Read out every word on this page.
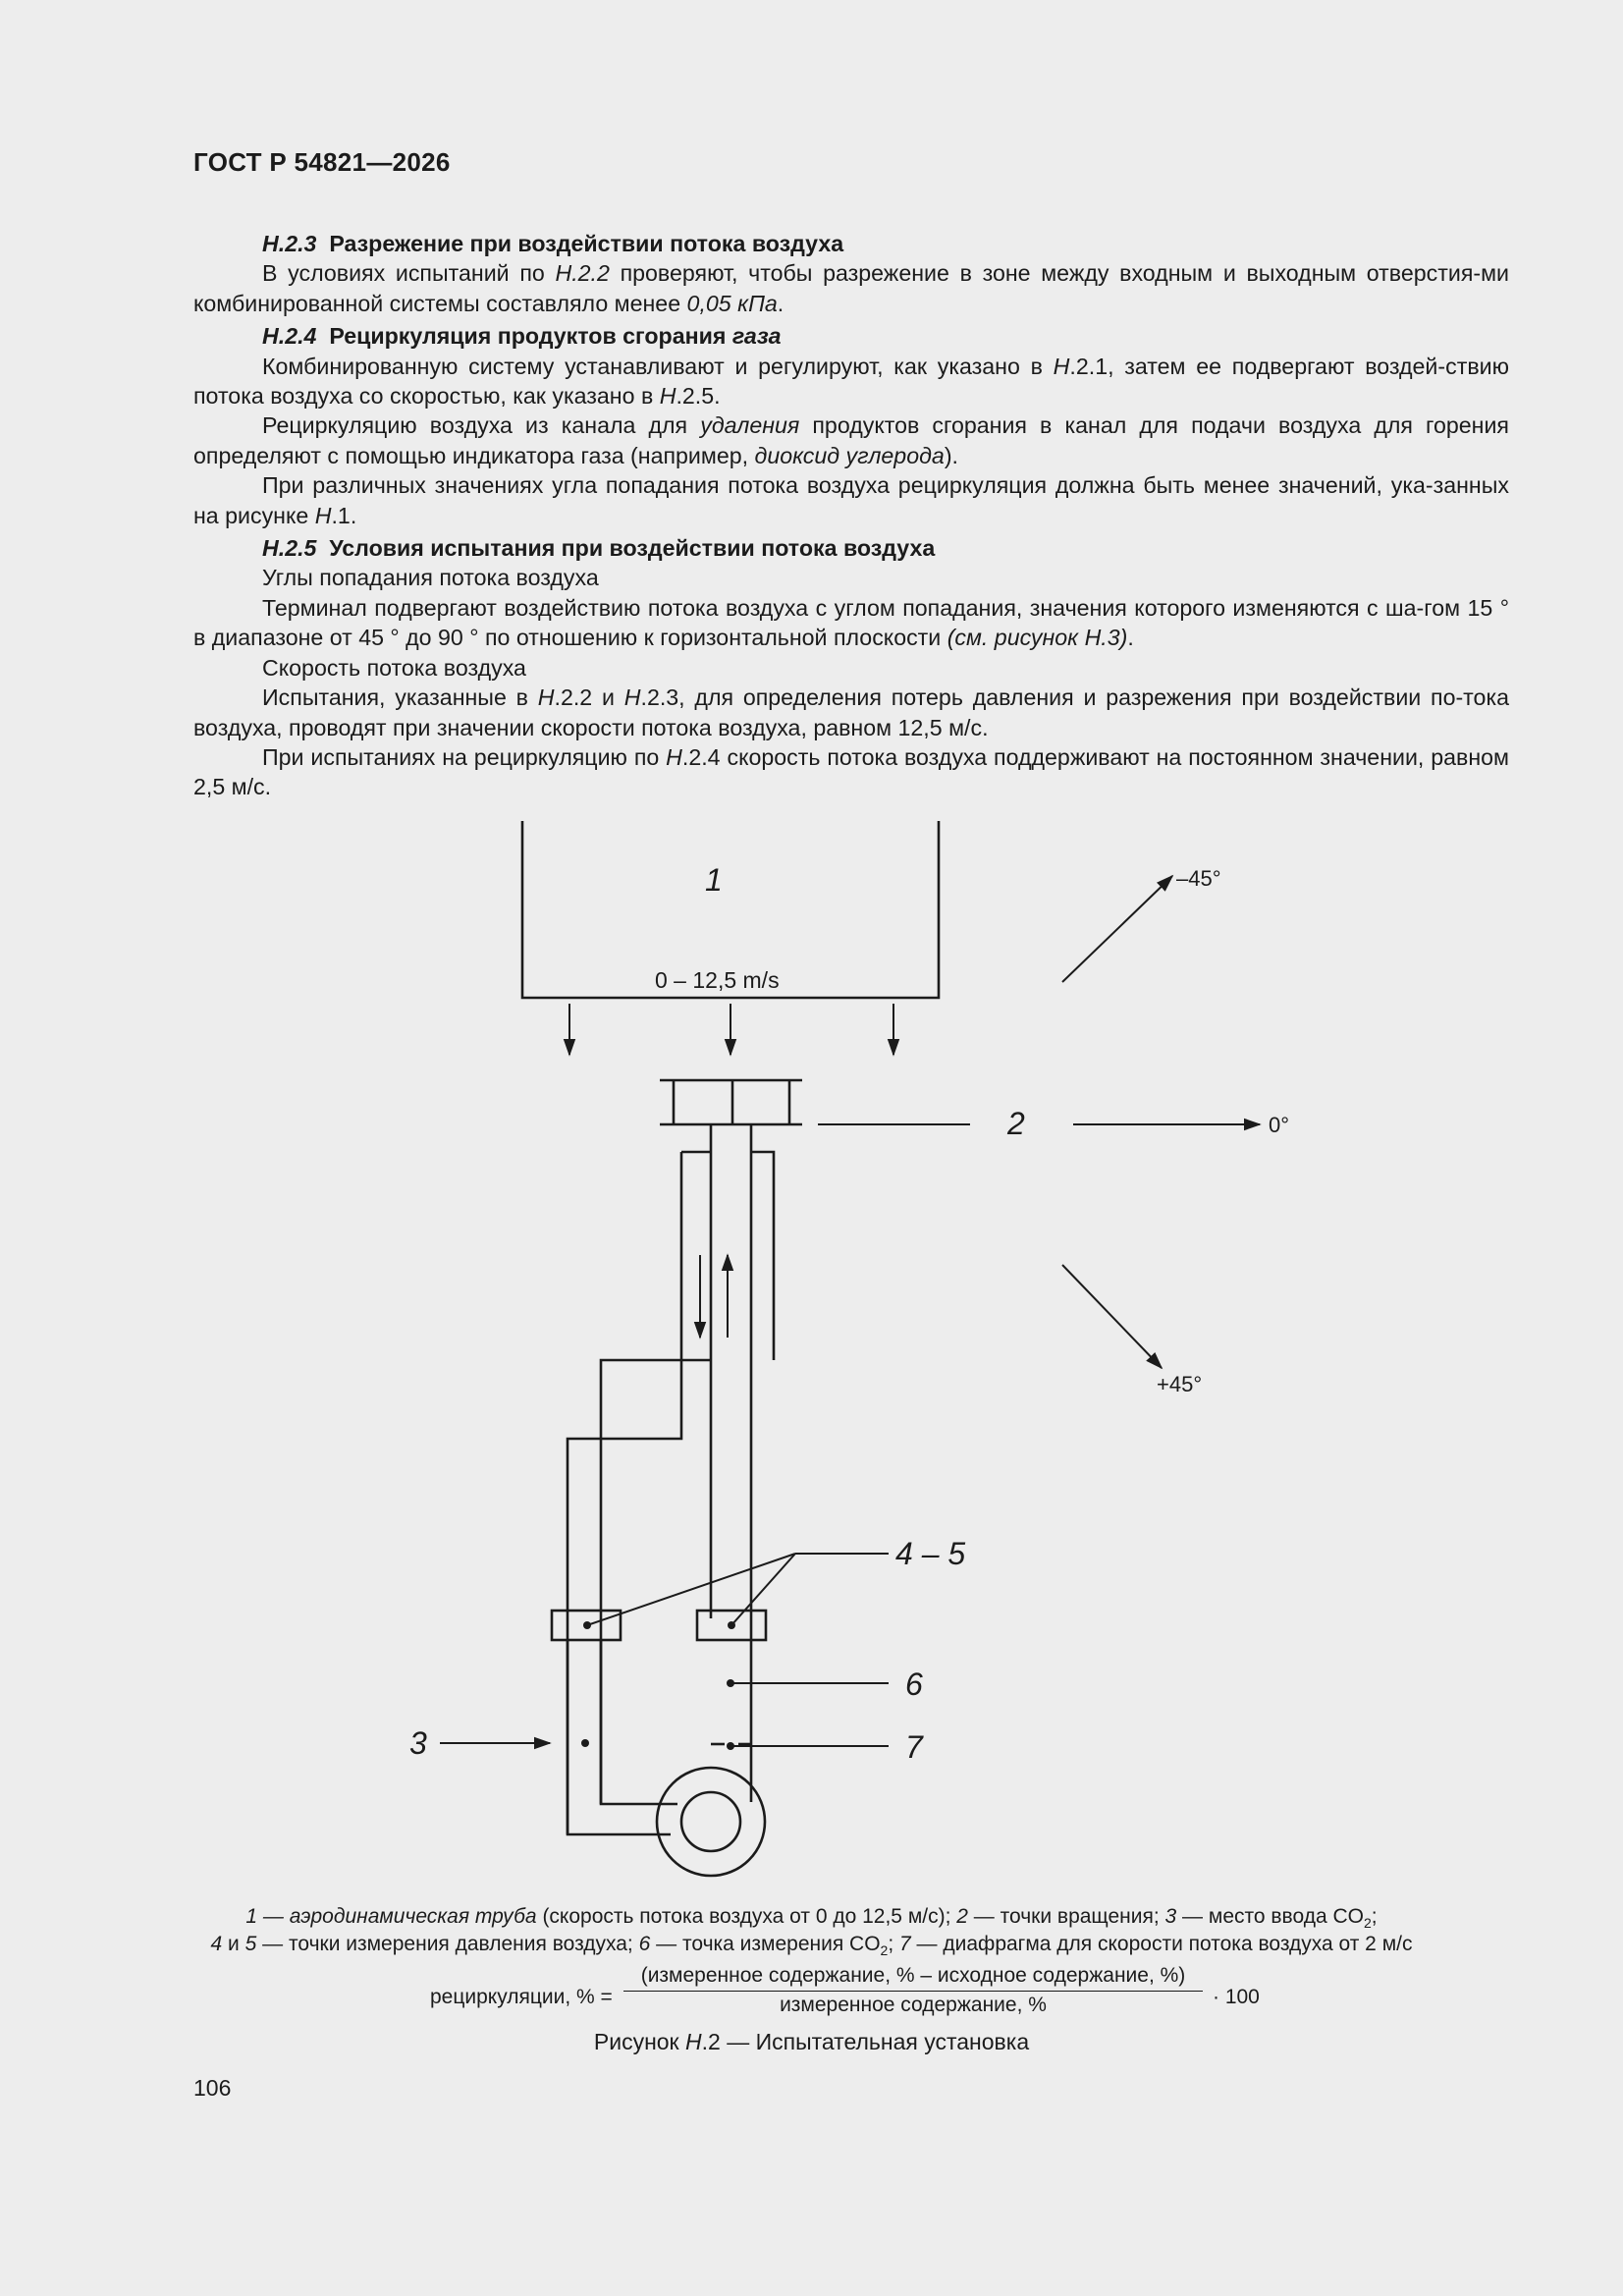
ГОСТ Р 54821—2026

Н.2.3 Разрежение при воздействии потока воздуха

В условиях испытаний по Н.2.2 проверяют, чтобы разрежение в зоне между входным и выходным отверстия-ми комбинированной системы составляло менее 0,05 кПа.

Н.2.4 Рециркуляция продуктов сгорания газа

Комбинированную систему устанавливают и регулируют, как указано в Н.2.1, затем ее подвергают воздей-ствию потока воздуха со скоростью, как указано в Н.2.5.

Рециркуляцию воздуха из канала для удаления продуктов сгорания в канал для подачи воздуха для горения определяют с помощью индикатора газа (например, диоксид углерода).

При различных значениях угла попадания потока воздуха рециркуляция должна быть менее значений, ука-занных на рисунке Н.1.

Н.2.5 Условия испытания при воздействии потока воздуха

Углы попадания потока воздуха

Терминал подвергают воздействию потока воздуха с углом попадания, значения которого изменяются с ша-гом 15 ° в диапазоне от 45 ° до 90 ° по отношению к горизонтальной плоскости (см. рисунок Н.3).

Скорость потока воздуха

Испытания, указанные в Н.2.2 и Н.2.3, для определения потерь давления и разрежения при воздействии по-тока воздуха, проводят при значении скорости потока воздуха, равном 12,5 м/с.

При испытаниях на рециркуляцию по Н.2.4 скорость потока воздуха поддерживают на постоянном значении, равном 2,5 м/с.

1
0 – 12,5 m/s
2
4 – 5
6
7
3
–45°
0°
+45°
1 — аэродинамическая труба (скорость потока воздуха от 0 до 12,5 м/с); 2 — точки вращения; 3 — место ввода $CO_2$;
4 и 5 — точки измерения давления воздуха; 6 — точка измерения $CO_2$; 7 — диафрагма для скорости потока воздуха от 2 м/с
рециркуляции, % =
(измеренное содержание, % – исходное содержание, %)
измеренное содержание, %	· 100
Рисунок Н.2 — Испытательная установка
106
